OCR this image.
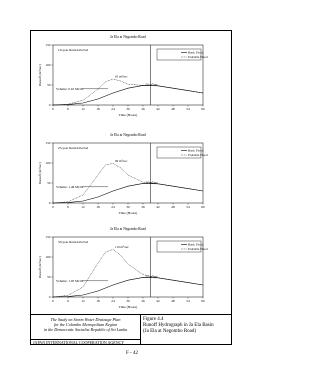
Ja Ela at Negombo Road
0
50
100
150
0	6	12	18	24	30	36	42	48	54	60
Time (Hours)
Runoff (m³/sec)
10-year Return Period
Volume: 0.91 MCM
65 m³/sec
50 m³/sec
Basic Flood
Probable Flood
Ja Ela at Negombo Road
0
50
100
150
0	6	12	18	24	30	36	42	48	54	60
Time (Hours)
Runoff (m³/sec)
25-year Return Period
Volume: 1.49 MCM
99 m³/sec
50 m³/sec
Basic Flood
Probable Flood
Ja Ela at Negombo Road
0
50
100
150
0	6	12	18	24	30	36	42	48	54	60
Time (Hours)
Runoff (m³/sec)
50-year Return Period
Volume: 1.95 MCM
119 m³/sec
50 m³/sec
Basic Flood
Probable Flood
The Study on Storm Water Drainage Plan
for the Colombo Metropolitan Region
in the Democratic Socialist Republic of Sri Lanka
Figure 4.4
Runoff Hydrograph in Ja Ela Basin
(Ja Ela at Negombo Road)
JAPAN INTERNATIONAL COOPERATION AGENCY
F - 42
